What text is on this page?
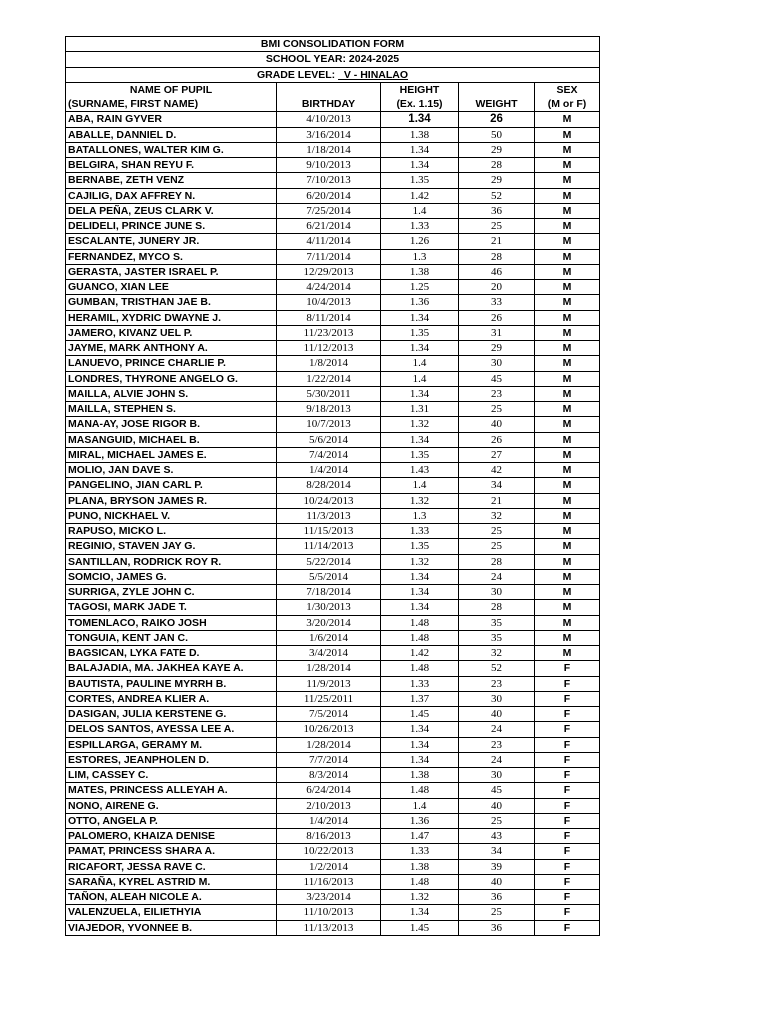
BMI CONSOLIDATION FORM				
SCHOOL YEAR: 2024-2025				
GRADE LEVEL:   V - HINALAO				
NAME OF PUPIL		HEIGHT		SEX
(SURNAME, FIRST NAME)	BIRTHDAY	(Ex. 1.15)	WEIGHT	(M or F)
ABA, RAIN GYVER	4/10/2013	1.34	26	M
ABALLE, DANNIEL D.	3/16/2014	1.38	50	M
BATALLONES, WALTER KIM G.	1/18/2014	1.34	29	M
BELGIRA, SHAN REYU F.	9/10/2013	1.34	28	M
BERNABE, ZETH VENZ	7/10/2013	1.35	29	M
CAJILIG, DAX AFFREY N.	6/20/2014	1.42	52	M
DELA PEÑA, ZEUS CLARK V.	7/25/2014	1.4	36	M
DELIDELI, PRINCE JUNE S.	6/21/2014	1.33	25	M
ESCALANTE, JUNERY JR.	4/11/2014	1.26	21	M
FERNANDEZ, MYCO S.	7/11/2014	1.3	28	M
GERASTA, JASTER ISRAEL P.	12/29/2013	1.38	46	M
GUANCO, XIAN LEE	4/24/2014	1.25	20	M
GUMBAN, TRISTHAN JAE B.	10/4/2013	1.36	33	M
HERAMIL, XYDRIC DWAYNE J.	8/11/2014	1.34	26	M
JAMERO, KIVANZ UEL P.	11/23/2013	1.35	31	M
JAYME, MARK ANTHONY A.	11/12/2013	1.34	29	M
LANUEVO, PRINCE CHARLIE P.	1/8/2014	1.4	30	M
LONDRES, THYRONE ANGELO G.	1/22/2014	1.4	45	M
MAILLA, ALVIE JOHN S.	5/30/2011	1.34	23	M
MAILLA, STEPHEN S.	9/18/2013	1.31	25	M
MANA-AY, JOSE RIGOR B.	10/7/2013	1.32	40	M
MASANGUID, MICHAEL B.	5/6/2014	1.34	26	M
MIRAL, MICHAEL JAMES E.	7/4/2014	1.35	27	M
MOLIO, JAN DAVE S.	1/4/2014	1.43	42	M
PANGELINO, JIAN CARL P.	8/28/2014	1.4	34	M
PLANA, BRYSON JAMES R.	10/24/2013	1.32	21	M
PUNO, NICKHAEL V.	11/3/2013	1.3	32	M
RAPUSO, MICKO L.	11/15/2013	1.33	25	M
REGINIO, STAVEN JAY G.	11/14/2013	1.35	25	M
SANTILLAN, RODRICK ROY R.	5/22/2014	1.32	28	M
SOMCIO, JAMES G.	5/5/2014	1.34	24	M
SURRIGA, ZYLE JOHN C.	7/18/2014	1.34	30	M
TAGOSI, MARK JADE T.	1/30/2013	1.34	28	M
TOMENLACO, RAIKO JOSH	3/20/2014	1.48	35	M
TONGUIA, KENT JAN C.	1/6/2014	1.48	35	M
BAGSICAN, LYKA FATE D.	3/4/2014	1.42	32	M
BALAJADIA, MA. JAKHEA KAYE A.	1/28/2014	1.48	52	F
BAUTISTA, PAULINE MYRRH B.	11/9/2013	1.33	23	F
CORTES, ANDREA KLIER A.	11/25/2011	1.37	30	F
DASIGAN, JULIA KERSTENE G.	7/5/2014	1.45	40	F
DELOS SANTOS, AYESSA LEE A.	10/26/2013	1.34	24	F
ESPILLARGA, GERAMY M.	1/28/2014	1.34	23	F
ESTORES, JEANPHOLEN D.	7/7/2014	1.34	24	F
LIM, CASSEY C.	8/3/2014	1.38	30	F
MATES, PRINCESS ALLEYAH A.	6/24/2014	1.48	45	F
NONO, AIRENE G.	2/10/2013	1.4	40	F
OTTO, ANGELA P.	1/4/2014	1.36	25	F
PALOMERO, KHAIZA DENISE	8/16/2013	1.47	43	F
PAMAT, PRINCESS SHARA A.	10/22/2013	1.33	34	F
RICAFORT, JESSA RAVE C.	1/2/2014	1.38	39	F
SARAÑA, KYREL ASTRID M.	11/16/2013	1.48	40	F
TAÑON, ALEAH NICOLE A.	3/23/2014	1.32	36	F
VALENZUELA, EILIETHYIA	11/10/2013	1.34	25	F
VIAJEDOR, YVONNEE B.	11/13/2013	1.45	36	F
